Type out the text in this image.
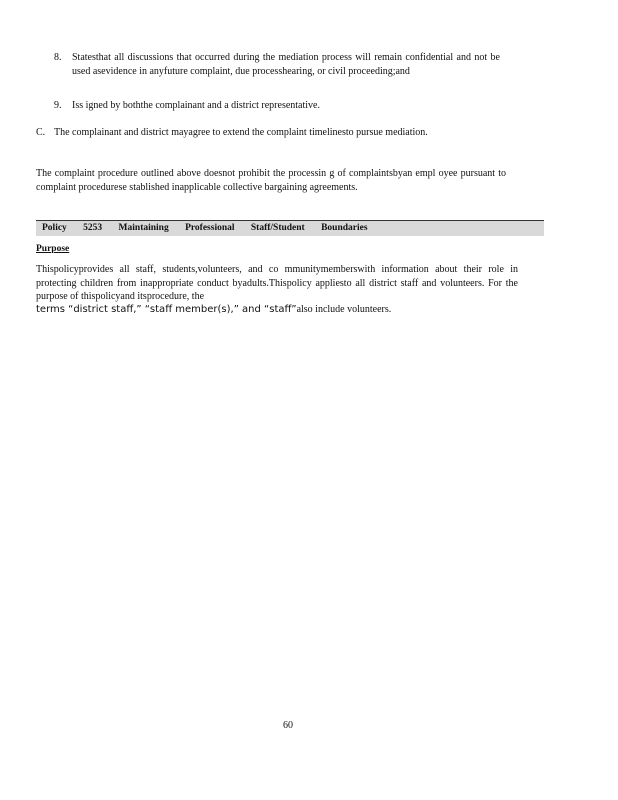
8. Statesthat all discussions that occurred during the mediation process will remain confidential and not be used asevidence in anyfuture complaint, due processhearing, or civil proceeding;and
9. Iss igned by boththe complainant and a district representative.
C. The complainant and district mayagree to extend the complaint timelinesto pursue mediation.
The complaint procedure outlined above doesnot prohibit the processin g of complaintsbyan empl oyee pursuant to complaint procedurese stablished inapplicable collective bargaining agreements.
Policy 5253 Maintaining Professional Staff/Student Boundaries
Purpose
Thispolicyprovides all staff, students,volunteers, and co mmunitymemberswith information about their role in protecting children from inappropriate conduct byadults.Thispolicy appliesto all district staff and volunteers. For the purpose of thispolicyand itsprocedure, the
terms “district staff,” “staff member(s),” and “staff”also include volunteers.
60
